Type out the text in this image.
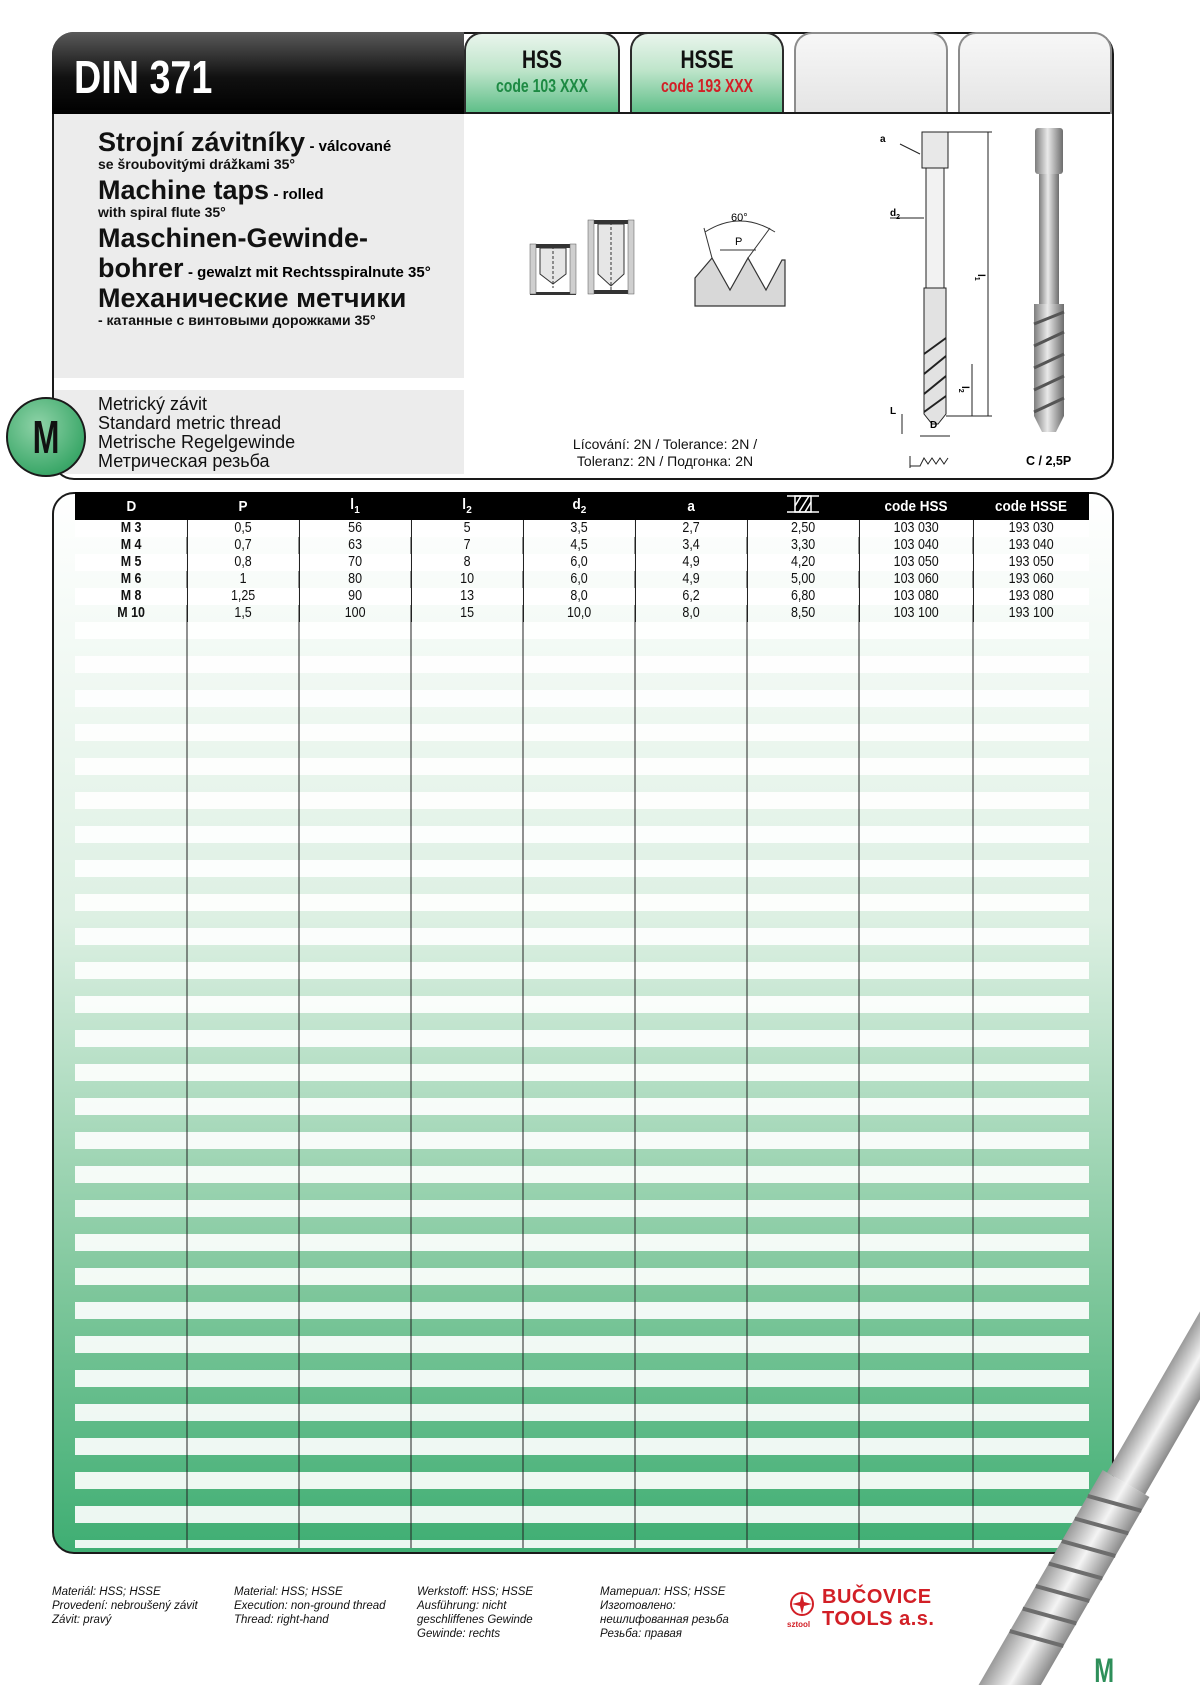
DIN 371	HSS
code 103 XXX
HSSE
code 193 XXX
Strojní závitníky - válcované
se šroubovitými drážkami 35°
Machine taps - rolled
with spiral flute 35°
Maschinen-Gewinde-
bohrer - gewalzt mit Rechtsspiralnute 35°
Механические метчики
- катанные с винтовыми дорожками 35°
M
Metrický závit
Standard metric thread
Metrische Regelgewinde
Метрическая резьба
Lícování: 2N / Tolerance: 2N /
Toleranz: 2N / Подгонка: 2N
60°
P
a
$d_2$
$l_1$
$l_2$
L
D
C / 2,5P
D	P	$l_1$	$l_2$	$d_2$	a		code HSS	code HSSE
M 3	0,5	56	5	3,5	2,7	2,50	103 030	193 030
M 4	0,7	63	7	4,5	3,4	3,30	103 040	193 040
M 5	0,8	70	8	6,0	4,9	4,20	103 050	193 050
M 6	1	80	10	6,0	4,9	5,00	103 060	193 060
M 8	1,25	90	13	8,0	6,2	6,80	103 080	193 080
M 10	1,5	100	15	10,0	8,0	8,50	103 100	193 100
Materiál: HSS; HSSE
Provedení: nebroušený závit
Závit: pravý
Material: HSS; HSSE
Execution: non-ground thread
Thread: right-hand
Werkstoff: HSS; HSSE
Ausführung: nicht
geschliffenes Gewinde
Gewinde: rechts
Материал: HSS; HSSE
Изготовлено:
нешлифованная резьба
Резьба: правая
sztool
BUČOVICE
TOOLS a.s.
M
